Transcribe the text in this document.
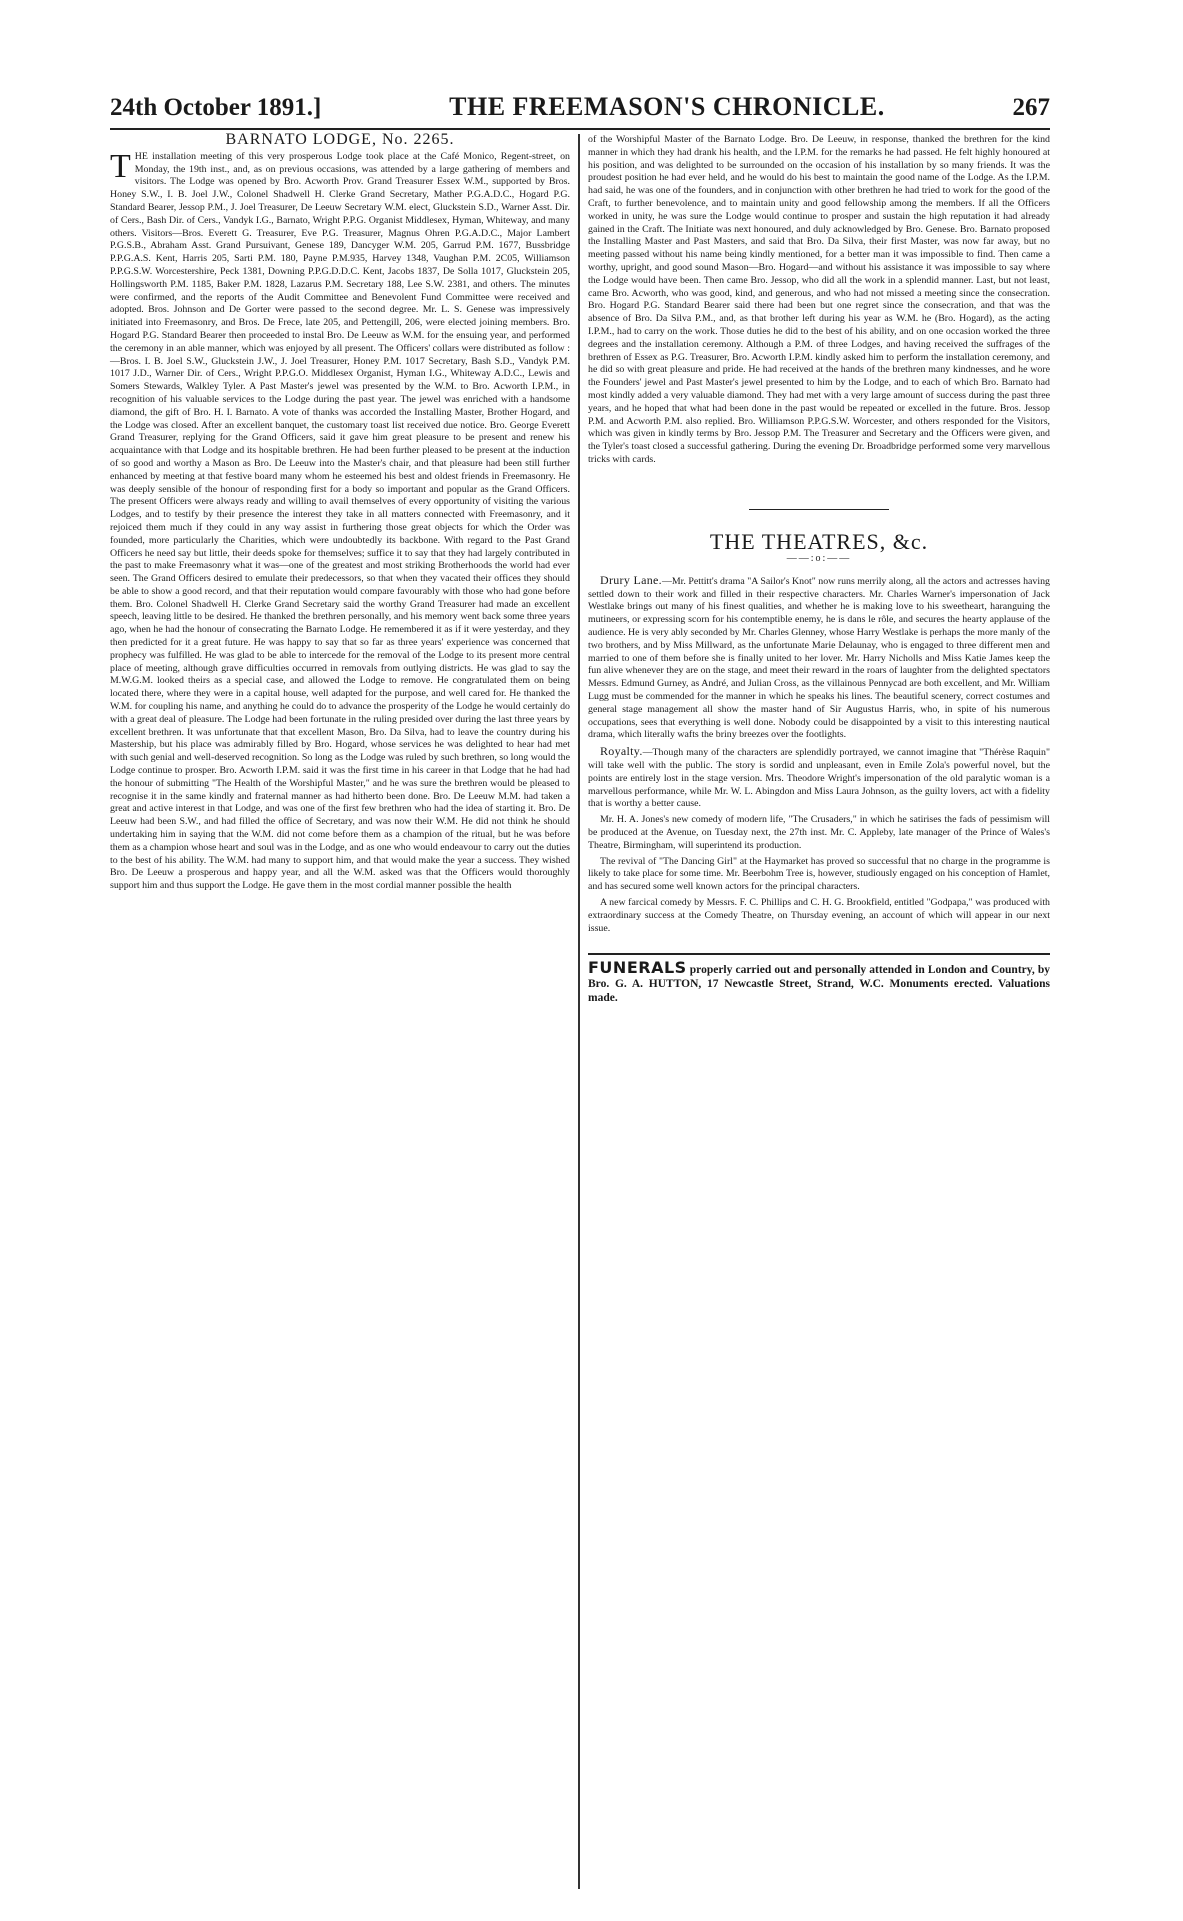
24th October 1891.]	THE FREEMASON'S CHRONICLE.	267
BARNATO LODGE, No. 2265.

THE installation meeting of this very prosperous Lodge took place at the Café Monico, Regent-street, on Monday, the 19th inst., and, as on previous occasions, was attended by a large gathering of members and visitors. The Lodge was opened by Bro. Acworth Prov. Grand Treasurer Essex W.M., supported by Bros. Honey S.W., I. B. Joel J.W., Colonel Shadwell H. Clerke Grand Secretary, Mather P.G.A.D.C., Hogard P.G. Standard Bearer, Jessop P.M., J. Joel Treasurer, De Leeuw Secretary W.M. elect, Gluckstein S.D., Warner Asst. Dir. of Cers., Bash Dir. of Cers., Vandyk I.G., Barnato, Wright P.P.G. Organist Middlesex, Hyman, Whiteway, and many others. Visitors—Bros. Everett G. Treasurer, Eve P.G. Treasurer, Magnus Ohren P.G.A.D.C., Major Lambert P.G.S.B., Abraham Asst. Grand Pursuivant, Genese 189, Dancyger W.M. 205, Garrud P.M. 1677, Bussbridge P.P.G.A.S. Kent, Harris 205, Sarti P.M. 180, Payne P.M.935, Harvey 1348, Vaughan P.M. 2C05, Williamson P.P.G.S.W. Worcestershire, Peck 1381, Downing P.P.G.D.D.C. Kent, Jacobs 1837, De Solla 1017, Gluckstein 205, Hollingsworth P.M. 1185, Baker P.M. 1828, Lazarus P.M. Secretary 188, Lee S.W. 2381, and others. The minutes were confirmed, and the reports of the Audit Committee and Benevolent Fund Committee were received and adopted. Bros. Johnson and De Gorter were passed to the second degree. Mr. L. S. Genese was impressively initiated into Freemasonry, and Bros. De Frece, late 205, and Pettengill, 206, were elected joining members. Bro. Hogard P.G. Standard Bearer then proceeded to instal Bro. De Leeuw as W.M. for the ensuing year, and performed the ceremony in an able manner, which was enjoyed by all present. The Officers' collars were distributed as follow :—Bros. I. B. Joel S.W., Gluckstein J.W., J. Joel Treasurer, Honey P.M. 1017 Secretary, Bash S.D., Vandyk P.M. 1017 J.D., Warner Dir. of Cers., Wright P.P.G.O. Middlesex Organist, Hyman I.G., Whiteway A.D.C., Lewis and Somers Stewards, Walkley Tyler. A Past Master's jewel was presented by the W.M. to Bro. Acworth I.P.M., in recognition of his valuable services to the Lodge during the past year. The jewel was enriched with a handsome diamond, the gift of Bro. H. I. Barnato. A vote of thanks was accorded the Installing Master, Brother Hogard, and the Lodge was closed. After an excellent banquet, the customary toast list received due notice. Bro. George Everett Grand Treasurer, replying for the Grand Officers, said it gave him great pleasure to be present and renew his acquaintance with that Lodge and its hospitable brethren. He had been further pleased to be present at the induction of so good and worthy a Mason as Bro. De Leeuw into the Master's chair, and that pleasure had been still further enhanced by meeting at that festive board many whom he esteemed his best and oldest friends in Freemasonry. He was deeply sensible of the honour of responding first for a body so important and popular as the Grand Officers. The present Officers were always ready and willing to avail themselves of every opportunity of visiting the various Lodges, and to testify by their presence the interest they take in all matters connected with Freemasonry, and it rejoiced them much if they could in any way assist in furthering those great objects for which the Order was founded, more particularly the Charities, which were undoubtedly its backbone. With regard to the Past Grand Officers he need say but little, their deeds spoke for themselves; suffice it to say that they had largely contributed in the past to make Freemasonry what it was—one of the greatest and most striking Brotherhoods the world had ever seen. The Grand Officers desired to emulate their predecessors, so that when they vacated their offices they should be able to show a good record, and that their reputation would compare favourably with those who had gone before them. Bro. Colonel Shadwell H. Clerke Grand Secretary said the worthy Grand Treasurer had made an excellent speech, leaving little to be desired. He thanked the brethren personally, and his memory went back some three years ago, when he had the honour of consecrating the Barnato Lodge. He remembered it as if it were yesterday, and they then predicted for it a great future. He was happy to say that so far as three years' experience was concerned that prophecy was fulfilled. He was glad to be able to intercede for the removal of the Lodge to its present more central place of meeting, although grave difficulties occurred in removals from outlying districts. He was glad to say the M.W.G.M. looked theirs as a special case, and allowed the Lodge to remove. He congratulated them on being located there, where they were in a capital house, well adapted for the purpose, and well cared for. He thanked the W.M. for coupling his name, and anything he could do to advance the prosperity of the Lodge he would certainly do with a great deal of pleasure. The Lodge had been fortunate in the ruling presided over during the last three years by excellent brethren. It was unfortunate that that excellent Mason, Bro. Da Silva, had to leave the country during his Mastership, but his place was admirably filled by Bro. Hogard, whose services he was delighted to hear had met with such genial and well-deserved recognition. So long as the Lodge was ruled by such brethren, so long would the Lodge continue to prosper. Bro. Acworth I.P.M. said it was the first time in his career in that Lodge that he had had the honour of submitting "The Health of the Worshipful Master," and he was sure the brethren would be pleased to recognise it in the same kindly and fraternal manner as had hitherto been done. Bro. De Leeuw M.M. had taken a great and active interest in that Lodge, and was one of the first few brethren who had the idea of starting it. Bro. De Leeuw had been S.W., and had filled the office of Secretary, and was now their W.M. He did not think he should undertaking him in saying that the W.M. did not come before them as a champion of the ritual, but he was before them as a champion whose heart and soul was in the Lodge, and as one who would endeavour to carry out the duties to the best of his ability. The W.M. had many to support him, and that would make the year a success. They wished Bro. De Leeuw a prosperous and happy year, and all the W.M. asked was that the Officers would thoroughly support him and thus support the Lodge. He gave them in the most cordial manner possible the health

of the Worshipful Master of the Barnato Lodge. Bro. De Leeuw, in response, thanked the brethren for the kind manner in which they had drank his health, and the I.P.M. for the remarks he had passed. He felt highly honoured at his position, and was delighted to be surrounded on the occasion of his installation by so many friends. It was the proudest position he had ever held, and he would do his best to maintain the good name of the Lodge. As the I.P.M. had said, he was one of the founders, and in conjunction with other brethren he had tried to work for the good of the Craft, to further benevolence, and to maintain unity and good fellowship among the members. If all the Officers worked in unity, he was sure the Lodge would continue to prosper and sustain the high reputation it had already gained in the Craft. The Initiate was next honoured, and duly acknowledged by Bro. Genese. Bro. Barnato proposed the Installing Master and Past Masters, and said that Bro. Da Silva, their first Master, was now far away, but no meeting passed without his name being kindly mentioned, for a better man it was impossible to find. Then came a worthy, upright, and good sound Mason—Bro. Hogard—and without his assistance it was impossible to say where the Lodge would have been. Then came Bro. Jessop, who did all the work in a splendid manner. Last, but not least, came Bro. Acworth, who was good, kind, and generous, and who had not missed a meeting since the consecration. Bro. Hogard P.G. Standard Bearer said there had been but one regret since the consecration, and that was the absence of Bro. Da Silva P.M., and, as that brother left during his year as W.M. he (Bro. Hogard), as the acting I.P.M., had to carry on the work. Those duties he did to the best of his ability, and on one occasion worked the three degrees and the installation ceremony. Although a P.M. of three Lodges, and having received the suffrages of the brethren of Essex as P.G. Treasurer, Bro. Acworth I.P.M. kindly asked him to perform the installation ceremony, and he did so with great pleasure and pride. He had received at the hands of the brethren many kindnesses, and he wore the Founders' jewel and Past Master's jewel presented to him by the Lodge, and to each of which Bro. Barnato had most kindly added a very valuable diamond. They had met with a very large amount of success during the past three years, and he hoped that what had been done in the past would be repeated or excelled in the future. Bros. Jessop P.M. and Acworth P.M. also replied. Bro. Williamson P.P.G.S.W. Worcester, and others responded for the Visitors, which was given in kindly terms by Bro. Jessop P.M. The Treasurer and Secretary and the Officers were given, and the Tyler's toast closed a successful gathering. During the evening Dr. Broadbridge performed some very marvellous tricks with cards.

THE THEATRES, &c.
——:o:——

Drury Lane.—Mr. Pettitt's drama "A Sailor's Knot" now runs merrily along, all the actors and actresses having settled down to their work and filled in their respective characters. Mr. Charles Warner's impersonation of Jack Westlake brings out many of his finest qualities, and whether he is making love to his sweetheart, haranguing the mutineers, or expressing scorn for his contemptible enemy, he is dans le rôle, and secures the hearty applause of the audience. He is very ably seconded by Mr. Charles Glenney, whose Harry Westlake is perhaps the more manly of the two brothers, and by Miss Millward, as the unfortunate Marie Delaunay, who is engaged to three different men and married to one of them before she is finally united to her lover. Mr. Harry Nicholls and Miss Katie James keep the fun alive whenever they are on the stage, and meet their reward in the roars of laughter from the delighted spectators Messrs. Edmund Gurney, as André, and Julian Cross, as the villainous Pennycad are both excellent, and Mr. William Lugg must be commended for the manner in which he speaks his lines. The beautiful scenery, correct costumes and general stage management all show the master hand of Sir Augustus Harris, who, in spite of his numerous occupations, sees that everything is well done. Nobody could be disappointed by a visit to this interesting nautical drama, which literally wafts the briny breezes over the footlights.

Royalty.—Though many of the characters are splendidly portrayed, we cannot imagine that "Thérèse Raquin" will take well with the public. The story is sordid and unpleasant, even in Emile Zola's powerful novel, but the points are entirely lost in the stage version. Mrs. Theodore Wright's impersonation of the old paralytic woman is a marvellous performance, while Mr. W. L. Abingdon and Miss Laura Johnson, as the guilty lovers, act with a fidelity that is worthy a better cause.

Mr. H. A. Jones's new comedy of modern life, "The Crusaders," in which he satirises the fads of pessimism will be produced at the Avenue, on Tuesday next, the 27th inst. Mr. C. Appleby, late manager of the Prince of Wales's Theatre, Birmingham, will superintend its production.

The revival of "The Dancing Girl" at the Haymarket has proved so successful that no charge in the programme is likely to take place for some time. Mr. Beerbohm Tree is, however, studiously engaged on his conception of Hamlet, and has secured some well known actors for the principal characters.

A new farcical comedy by Messrs. F. C. Phillips and C. H. G. Brookfield, entitled "Godpapa," was produced with extraordinary success at the Comedy Theatre, on Thursday evening, an account of which will appear in our next issue.

FUNERALS properly carried out and personally attended in London and Country, by Bro. G. A. HUTTON, 17 Newcastle Street, Strand, W.C. Monuments erected. Valuations made.
